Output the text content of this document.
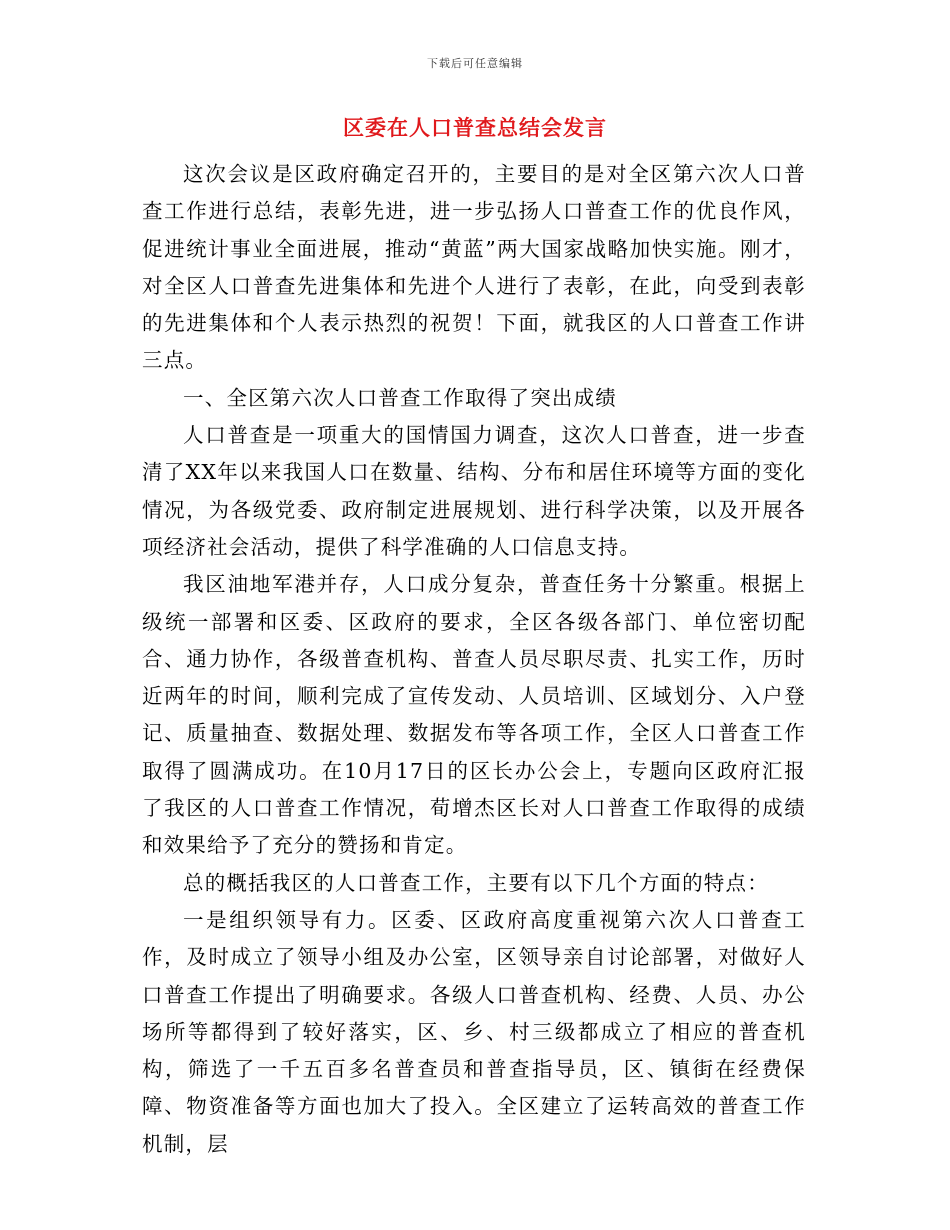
下载后可任意编辑
区委在人口普查总结会发言

这次会议是区政府确定召开的，主要目的是对全区第六次人口普查工作进行总结，表彰先进，进一步弘扬人口普查工作的优良作风，促进统计事业全面进展，推动“黄蓝”两大国家战略加快实施。刚才，对全区人口普查先进集体和先进个人进行了表彰，在此，向受到表彰的先进集体和个人表示热烈的祝贺！下面，就我区的人口普查工作讲三点。

一、全区第六次人口普查工作取得了突出成绩

人口普查是一项重大的国情国力调查，这次人口普查，进一步查清了XX年以来我国人口在数量、结构、分布和居住环境等方面的变化情况，为各级党委、政府制定进展规划、进行科学决策，以及开展各项经济社会活动，提供了科学准确的人口信息支持。

我区油地军港并存，人口成分复杂，普查任务十分繁重。根据上级统一部署和区委、区政府的要求，全区各级各部门、单位密切配合、通力协作，各级普查机构、普查人员尽职尽责、扎实工作，历时近两年的时间，顺利完成了宣传发动、人员培训、区域划分、入户登记、质量抽查、数据处理、数据发布等各项工作，全区人口普查工作取得了圆满成功。在10月17日的区长办公会上，专题向区政府汇报了我区的人口普查工作情况，荀增杰区长对人口普查工作取得的成绩和效果给予了充分的赞扬和肯定。

总的概括我区的人口普查工作，主要有以下几个方面的特点：

一是组织领导有力。区委、区政府高度重视第六次人口普查工作，及时成立了领导小组及办公室，区领导亲自讨论部署，对做好人口普查工作提出了明确要求。各级人口普查机构、经费、人员、办公场所等都得到了较好落实，区、乡、村三级都成立了相应的普查机构，筛选了一千五百多名普查员和普查指导员，区、镇街在经费保障、物资准备等方面也加大了投入。全区建立了运转高效的普查工作机制，层
